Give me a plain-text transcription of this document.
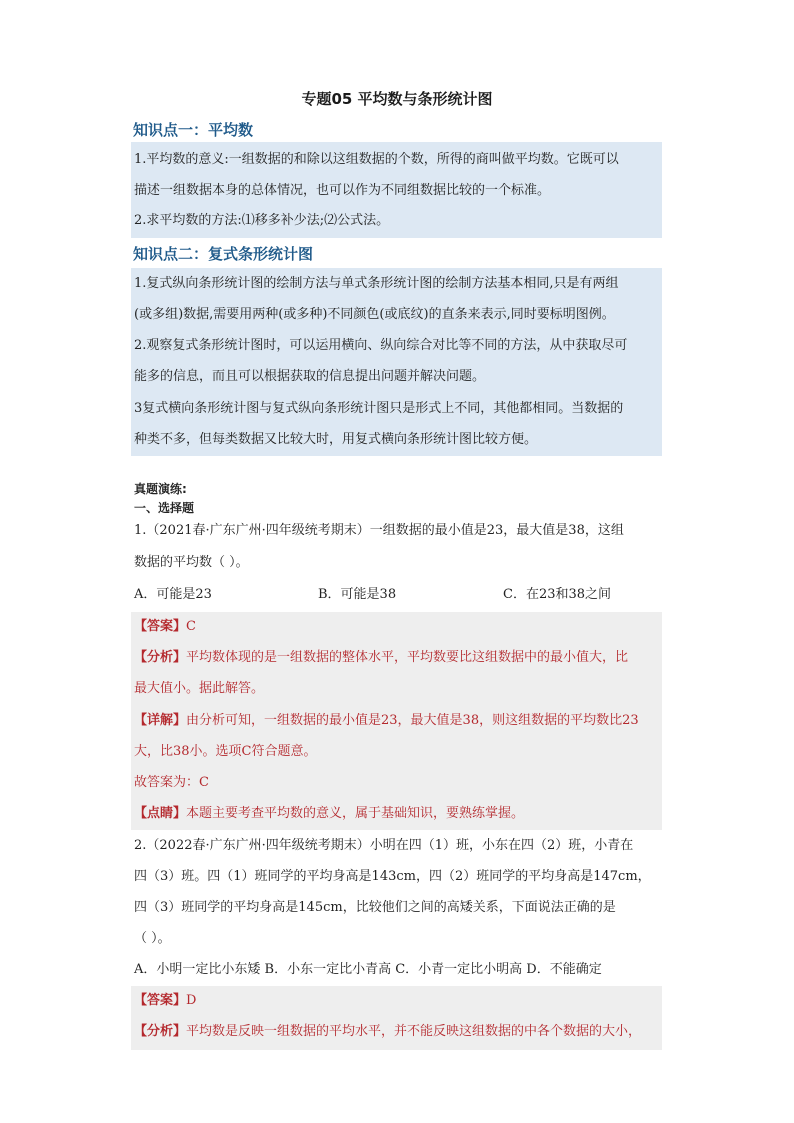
专题05 平均数与条形统计图
知识点一：平均数
1.平均数的意义:一组数据的和除以这组数据的个数，所得的商叫做平均数。它既可以
描述一组数据本身的总体情况，也可以作为不同组数据比较的一个标准。
2.求平均数的方法:⑴移多补少法;⑵公式法。
知识点二：复式条形统计图
1.复式纵向条形统计图的绘制方法与单式条形统计图的绘制方法基本相同,只是有两组
(或多组)数据,需要用两种(或多种)不同颜色(或底纹)的直条来表示,同时要标明图例。
2.观察复式条形统计图时，可以运用横向、纵向综合对比等不同的方法，从中获取尽可
能多的信息，而且可以根据获取的信息提出问题并解决问题。
3复式横向条形统计图与复式纵向条形统计图只是形式上不同，其他都相同。当数据的
种类不多，但每类数据又比较大时，用复式横向条形统计图比较方便。
真题演练:
一、选择题
1.（2021春·广东广州·四年级统考期末）一组数据的最小值是23，最大值是38，这组
数据的平均数（ ）。
A．可能是23	B．可能是38	C．在23和38之间
【答案】C
【分析】平均数体现的是一组数据的整体水平，平均数要比这组数据中的最小值大，比
最大值小。据此解答。
【详解】由分析可知，一组数据的最小值是23，最大值是38，则这组数据的平均数比23
大，比38小。选项C符合题意。
故答案为：C
【点睛】本题主要考查平均数的意义，属于基础知识，要熟练掌握。
2.（2022春·广东广州·四年级统考期末）小明在四（1）班，小东在四（2）班，小青在
四（3）班。四（1）班同学的平均身高是143cm，四（2）班同学的平均身高是147cm，
四（3）班同学的平均身高是145cm，比较他们之间的高矮关系，下面说法正确的是
（ ）。
A．小明一定比小东矮 B．小东一定比小青高 C．小青一定比小明高 D．不能确定
【答案】D
【分析】平均数是反映一组数据的平均水平，并不能反映这组数据的中各个数据的大小，
